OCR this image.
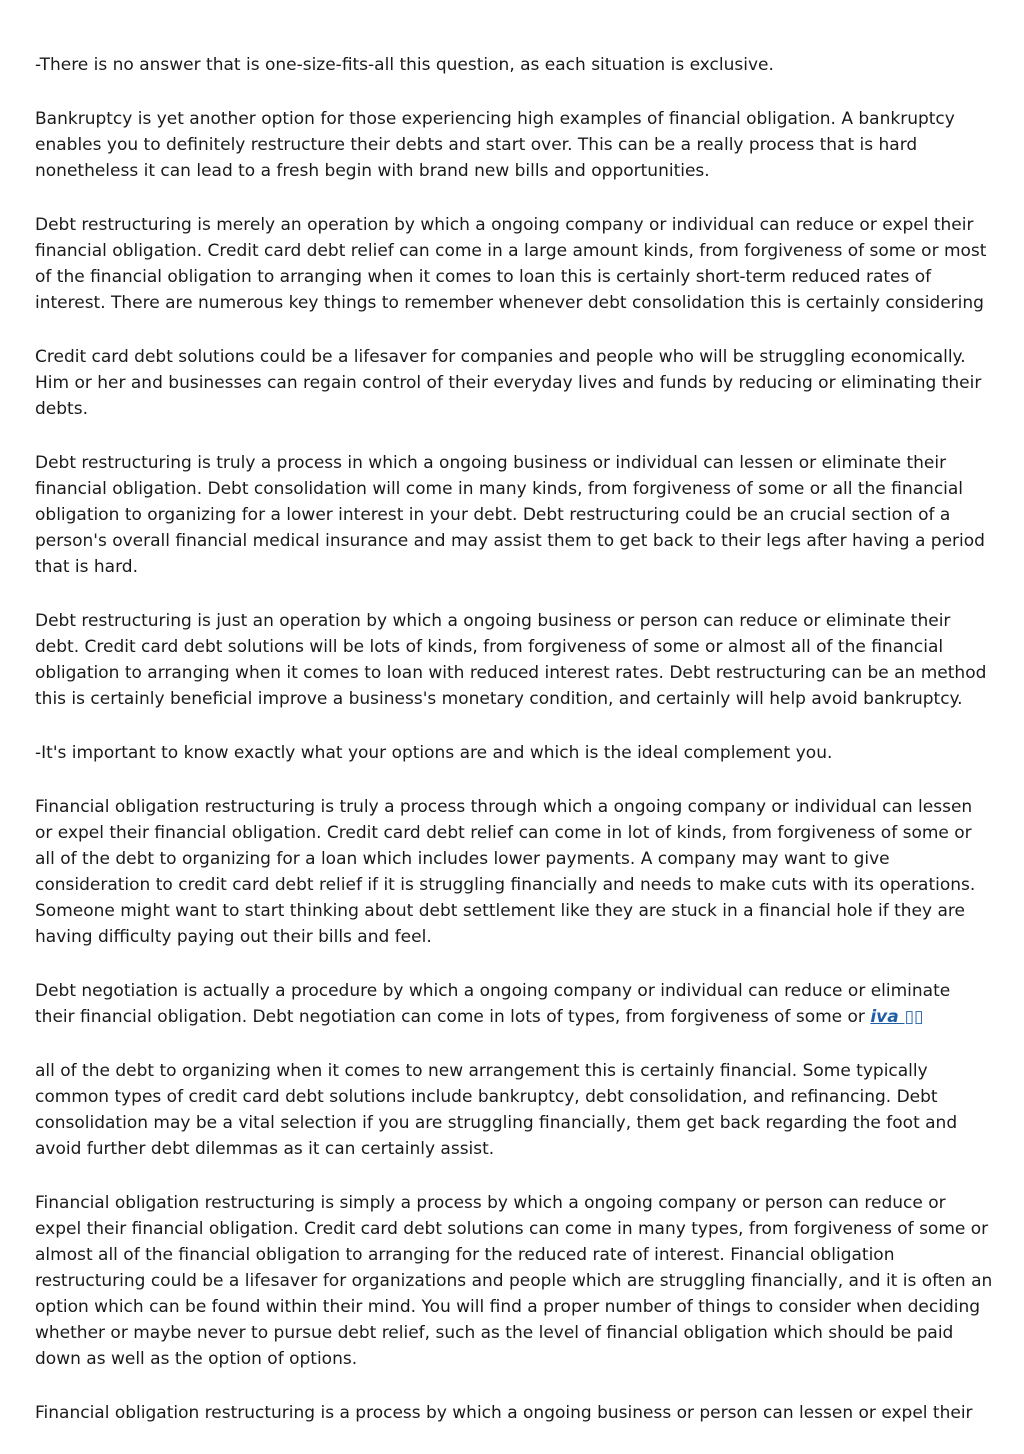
-There is no answer that is one-size-fits-all this question, as each situation is exclusive.

Bankruptcy is yet another option for those experiencing high examples of financial obligation. A bankruptcy enables you to definitely restructure their debts and start over. This can be a really process that is hard nonetheless it can lead to a fresh begin with brand new bills and opportunities.

Debt restructuring is merely an operation by which a ongoing company or individual can reduce or expel their financial obligation. Credit card debt relief can come in a large amount kinds, from forgiveness of some or most of the financial obligation to arranging when it comes to loan this is certainly short-term reduced rates of interest. There are numerous key things to remember whenever debt consolidation this is certainly considering

Credit card debt solutions could be a lifesaver for companies and people who will be struggling economically. Him or her and businesses can regain control of their everyday lives and funds by reducing or eliminating their debts.

Debt restructuring is truly a process in which a ongoing business or individual can lessen or eliminate their financial obligation. Debt consolidation will come in many kinds, from forgiveness of some or all the financial obligation to organizing for a lower interest in your debt. Debt restructuring could be an crucial section of a person's overall financial medical insurance and may assist them to get back to their legs after having a period that is hard.

Debt restructuring is just an operation by which a ongoing business or person can reduce or eliminate their debt. Credit card debt solutions will be lots of kinds, from forgiveness of some or almost all of the financial obligation to arranging when it comes to loan with reduced interest rates. Debt restructuring can be an method this is certainly beneficial improve a business's monetary condition, and certainly will help avoid bankruptcy.

-It's important to know exactly what your options are and which is the ideal complement you.

Financial obligation restructuring is truly a process through which a ongoing company or individual can lessen or expel their financial obligation. Credit card debt relief can come in lot of kinds, from forgiveness of some or all of the debt to organizing for a loan which includes lower payments. A company may want to give consideration to credit card debt relief if it is struggling financially and needs to make cuts with its operations. Someone might want to start thinking about debt settlement like they are stuck in a financial hole if they are having difficulty paying out their bills and feel.

Debt negotiation is actually a procedure by which a ongoing company or individual can reduce or eliminate their financial obligation. Debt negotiation can come in lots of types, from forgiveness of some or iva ▯▯

all of the debt to organizing when it comes to new arrangement this is certainly financial. Some typically common types of credit card debt solutions include bankruptcy, debt consolidation, and refinancing. Debt consolidation may be a vital selection if you are struggling financially, them get back regarding the foot and avoid further debt dilemmas as it can certainly assist.

Financial obligation restructuring is simply a process by which a ongoing company or person can reduce or expel their financial obligation. Credit card debt solutions can come in many types, from forgiveness of some or almost all of the financial obligation to arranging for the reduced rate of interest. Financial obligation restructuring could be a lifesaver for organizations and people which are struggling financially, and it is often an option which can be found within their mind. You will find a proper number of things to consider when deciding whether or maybe never to pursue debt relief, such as the level of financial obligation which should be paid down as well as the option of options.

Financial obligation restructuring is a process by which a ongoing business or person can lessen or expel their
